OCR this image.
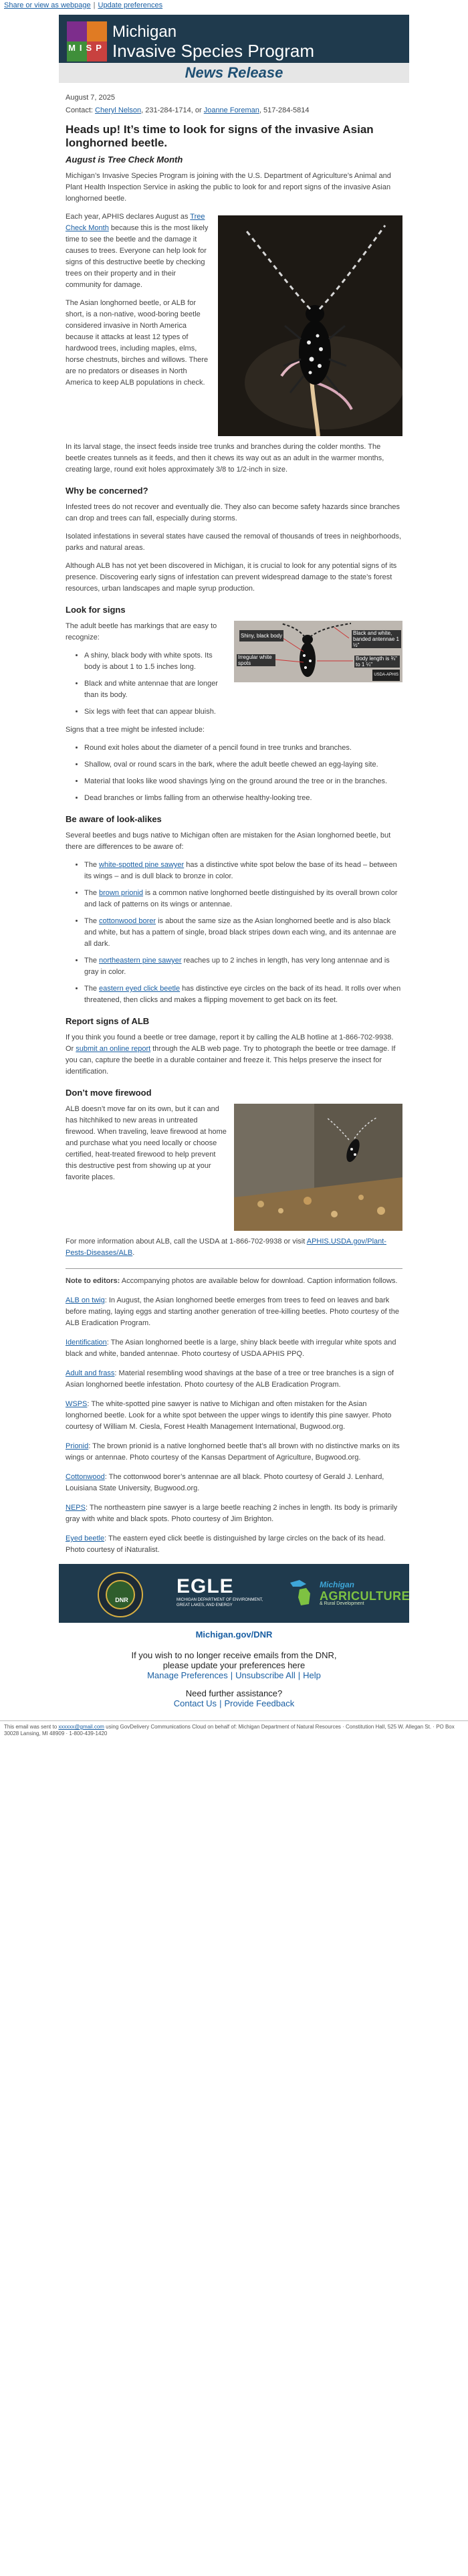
Share or view as webpage | Update preferences
MISP
Michigan
Invasive Species Program
News Release
August 7, 2025
Contact: Cheryl Nelson, 231-284-1714, or Joanne Foreman, 517-284-5814
Heads up! It’s time to look for signs of the invasive Asian longhorned beetle.
August is Tree Check Month

Michigan’s Invasive Species Program is joining with the U.S. Department of Agriculture’s Animal and Plant Health Inspection Service in asking the public to look for and report signs of the invasive Asian longhorned beetle.

Each year, APHIS declares August as Tree Check Month because this is the most likely time to see the beetle and the damage it causes to trees. Everyone can help look for signs of this destructive beetle by checking trees on their property and in their community for damage.

The Asian longhorned beetle, or ALB for short, is a non-native, wood-boring beetle considered invasive in North America because it attacks at least 12 types of hardwood trees, including maples, elms, horse chestnuts, birches and willows. There are no predators or diseases in North America to keep ALB populations in check.

In its larval stage, the insect feeds inside tree trunks and branches during the colder months. The beetle creates tunnels as it feeds, and then it chews its way out as an adult in the warmer months, creating large, round exit holes approximately 3/8 to 1/2-inch in size.

Why be concerned?

Infested trees do not recover and eventually die. They also can become safety hazards since branches can drop and trees can fall, especially during storms.

Isolated infestations in several states have caused the removal of thousands of trees in neighborhoods, parks and natural areas.

Although ALB has not yet been discovered in Michigan, it is crucial to look for any potential signs of its presence. Discovering early signs of infestation can prevent widespread damage to the state’s forest resources, urban landscapes and maple syrup production.

Look for signs
Shiny, black body
Irregular white spots
Black and white, banded antennae 1 ½"
Body length is ¾" to 1 ¼"
USDA-APHIS

The adult beetle has markings that are easy to recognize:

• A shiny, black body with white spots. Its body is about 1 to 1.5 inches long.
• Black and white antennae that are longer than its body.
• Six legs with feet that can appear bluish.

Signs that a tree might be infested include:

• Round exit holes about the diameter of a pencil found in tree trunks and branches.
• Shallow, oval or round scars in the bark, where the adult beetle chewed an egg-laying site.
• Material that looks like wood shavings lying on the ground around the tree or in the branches.
• Dead branches or limbs falling from an otherwise healthy-looking tree.
Be aware of look-alikes

Several beetles and bugs native to Michigan often are mistaken for the Asian longhorned beetle, but there are differences to be aware of:

• The white-spotted pine sawyer has a distinctive white spot below the base of its head – between its wings – and is dull black to bronze in color.
• The brown prionid is a common native longhorned beetle distinguished by its overall brown color and lack of patterns on its wings or antennae.
• The cottonwood borer is about the same size as the Asian longhorned beetle and is also black and white, but has a pattern of single, broad black stripes down each wing, and its antennae are all dark.
• The northeastern pine sawyer reaches up to 2 inches in length, has very long antennae and is gray in color.
• The eastern eyed click beetle has distinctive eye circles on the back of its head. It rolls over when threatened, then clicks and makes a flipping movement to get back on its feet.
Report signs of ALB

If you think you found a beetle or tree damage, report it by calling the ALB hotline at 1-866-702-9938. Or submit an online report through the ALB web page. Try to photograph the beetle or tree damage. If you can, capture the beetle in a durable container and freeze it. This helps preserve the insect for identification.

Don’t move firewood

ALB doesn’t move far on its own, but it can and has hitchhiked to new areas in untreated firewood. When traveling, leave firewood at home and purchase what you need locally or choose certified, heat-treated firewood to help prevent this destructive pest from showing up at your favorite places.

For more information about ALB, call the USDA at 1-866-702-9938 or visit APHIS.USDA.gov/Plant-Pests-Diseases/ALB.

Note to editors: Accompanying photos are available below for download. Caption information follows.

ALB on twig: In August, the Asian longhorned beetle emerges from trees to feed on leaves and bark before mating, laying eggs and starting another generation of tree-killing beetles. Photo courtesy of the ALB Eradication Program.

Identification: The Asian longhorned beetle is a large, shiny black beetle with irregular white spots and black and white, banded antennae. Photo courtesy of USDA APHIS PPQ.

Adult and frass: Material resembling wood shavings at the base of a tree or tree branches is a sign of Asian longhorned beetle infestation. Photo courtesy of the ALB Eradication Program.

WSPS: The white-spotted pine sawyer is native to Michigan and often mistaken for the Asian longhorned beetle. Look for a white spot between the upper wings to identify this pine sawyer. Photo courtesy of William M. Ciesla, Forest Health Management International, Bugwood.org.

Prionid: The brown prionid is a native longhorned beetle that’s all brown with no distinctive marks on its wings or antennae. Photo courtesy of the Kansas Department of Agriculture, Bugwood.org.

Cottonwood: The cottonwood borer’s antennae are all black. Photo courtesy of Gerald J. Lenhard, Louisiana State University, Bugwood.org.

NEPS: The northeastern pine sawyer is a large beetle reaching 2 inches in length. Its body is primarily gray with white and black spots. Photo courtesy of Jim Brighton.

Eyed beetle: The eastern eyed click beetle is distinguished by large circles on the back of its head. Photo courtesy of iNaturalist.

DNR
EGLE
MICHIGAN DEPARTMENT OF ENVIRONMENT, GREAT LAKES, AND ENERGY
Michigan
AGRICULTURE
& Rural Development
Michigan.gov/DNR
If you wish to no longer receive emails from the DNR,
please update your preferences here
Manage Preferences | Unsubscribe All | Help
Need further assistance?
Contact Us | Provide Feedback
This email was sent to xxxxxx@gmail.com using GovDelivery Communications Cloud on behalf of: Michigan Department of Natural Resources · Constitution Hall, 525 W. Allegan St. · PO Box 30028 Lansing, MI 48909 · 1-800-439-1420
